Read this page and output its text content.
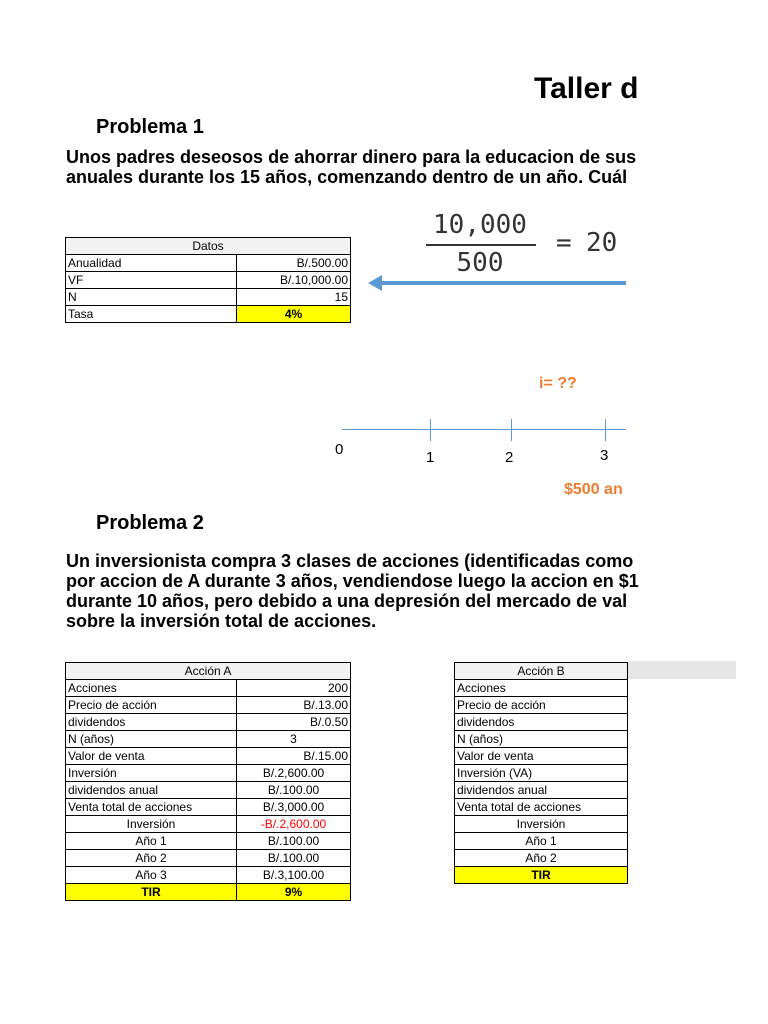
Taller d
Problema 1
Unos padres deseosos de ahorrar dinero para la educacion de sus
anuales durante los 15 años, comenzando dentro de un año. Cuál
Datos	
Anualidad	B/.500.00
VF	B/.10,000.00
N	15
Tasa	4%
10,000
500
= 20
i= ??
0	1	2	3
$500 an
Problema 2
Un inversionista compra 3 clases de acciones (identificadas como
por accion de A durante 3 años, vendiendose luego la accion en $1
durante 10 años, pero debido a una depresión del mercado de val
sobre la inversión total de acciones.
Acción A	
Acciones	200
Precio de acción	B/.13.00
dividendos	B/.0.50
N (años)	3
Valor de venta	B/.15.00
Inversión	B/.2,600.00
dividendos anual	B/.100.00
Venta total de acciones	B/.3,000.00
Inversión	-B/.2,600.00
Año 1	B/.100.00
Año 2	B/.100.00
Año 3	B/.3,100.00
TIR	9%
Acción B
Acciones
Precio de acción
dividendos
N (años)
Valor de venta
Inversión (VA)
dividendos anual
Venta total de acciones
Inversión
Año 1
Año 2
TIR
